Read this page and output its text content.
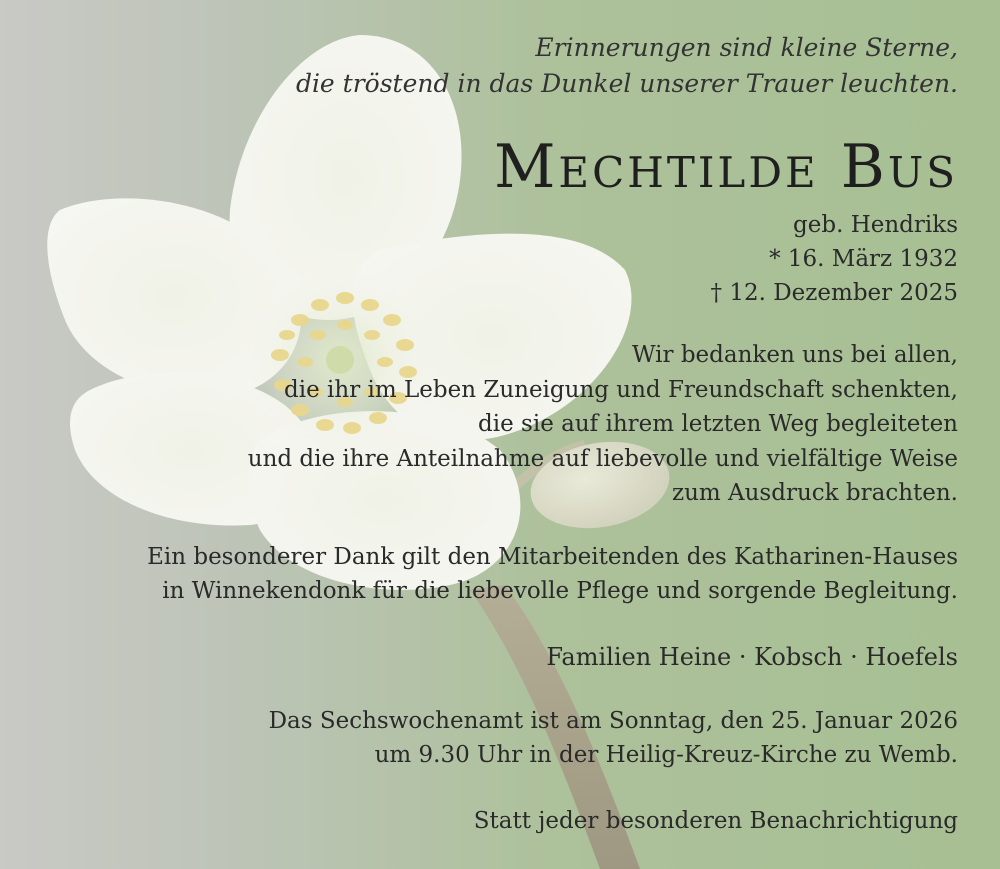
Erinnerungen sind kleine Sterne,
die tröstend in das Dunkel unserer Trauer leuchten.
MECHTILDE BUS
geb. Hendriks
* 16. März 1932
† 12. Dezember 2025
Wir bedanken uns bei allen,
die ihr im Leben Zuneigung und Freundschaft schenkten,
die sie auf ihrem letzten Weg begleiteten
und die ihre Anteilnahme auf liebevolle und vielfältige Weise
zum Ausdruck brachten.
Ein besonderer Dank gilt den Mitarbeitenden des Katharinen-Hauses
in Winnekendonk für die liebevolle Pflege und sorgende Begleitung.
Familien Heine · Kobsch · Hoefels
Das Sechswochenamt ist am Sonntag, den 25. Januar 2026
um 9.30 Uhr in der Heilig-Kreuz-Kirche zu Wemb.
Statt jeder besonderen Benachrichtigung
